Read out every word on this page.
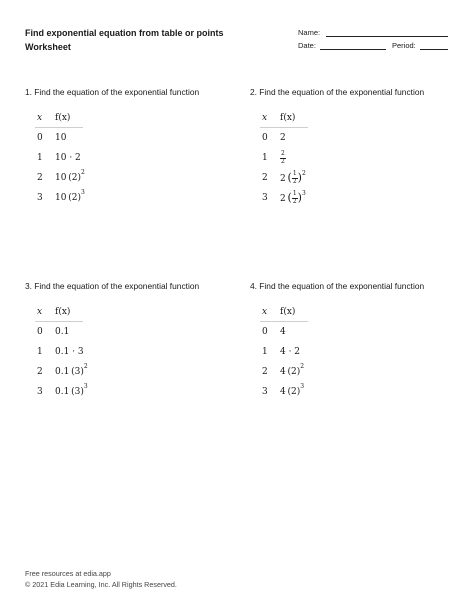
Find exponential equation from table or points
Worksheet
Name:
Date:	Period:
1. Find the equation of the exponential function
x	f(x)
0	10
1	10 · 2
2	10 $(2)^2$
3	10 $(2)^3$
2. Find the equation of the exponential function
x	f(x)
0	2
1	$\frac{2}{2}$
2	2  ( $\frac{1}{2} )^2$
3	2  ( $\frac{1}{2} )^3$
3. Find the equation of the exponential function
x	f(x)
0	0.1
1	0.1 · 3
2	0.1 $(3)^2$
3	0.1 $(3)^3$
4. Find the equation of the exponential function
x	f(x)
0	4
1	4 · 2
2	4 $(2)^2$
3	4 $(2)^3$
Free resources at edia.app
© 2021 Edia Learning, Inc. All Rights Reserved.
